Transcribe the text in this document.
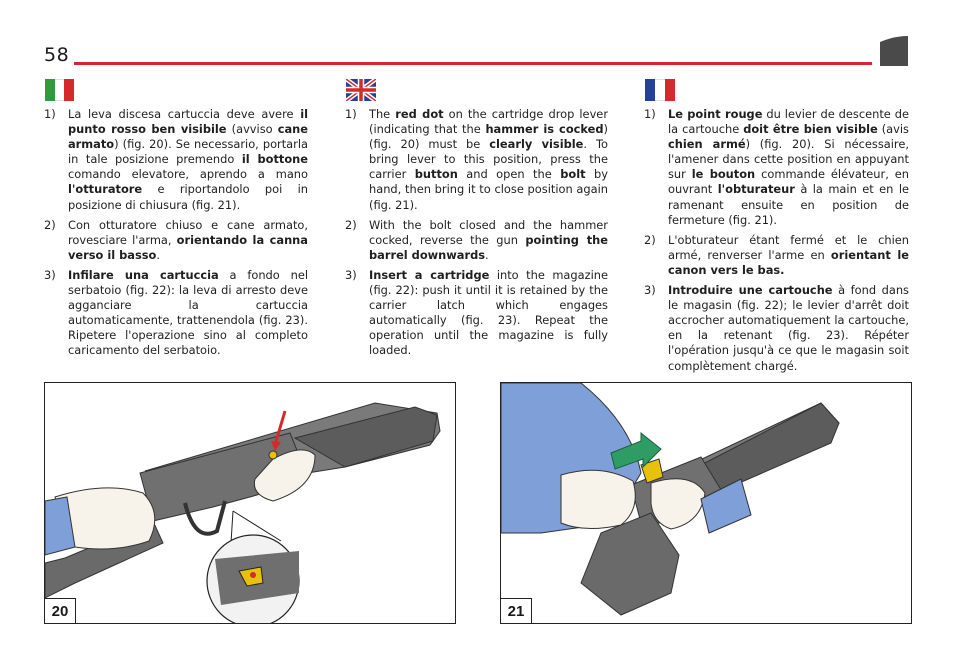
58
1) La leva discesa cartuccia deve avere il punto rosso ben visibile (avviso cane armato) (fig. 20). Se necessario, portarla in tale posizione premendo il bottone comando elevatore, aprendo a mano l'otturatore e riportandolo poi in posizione di chiusura (fig. 21).
2) Con otturatore chiuso e cane armato, rovesciare l'arma, orientando la canna verso il basso.
3) Infilare una cartuccia a fondo nel serbatoio (fig. 22): la leva di arresto deve agganciare la cartuccia automaticamente, trattenendola (fig. 23). Ripetere l'operazione sino al completo caricamento del serbatoio.
1) The red dot on the cartridge drop lever (indicating that the hammer is cocked) (fig. 20) must be clearly visible. To bring lever to this position, press the carrier button and open the bolt by hand, then bring it to close position again (fig. 21).
2) With the bolt closed and the hammer cocked, reverse the gun pointing the barrel downwards.
3) Insert a cartridge into the magazine (fig. 22): push it until it is retained by the carrier latch which engages automatically (fig. 23). Repeat the operation until the magazine is fully loaded.
1) Le point rouge du levier de descente de la cartouche doit être bien visible (avis chien armé) (fig. 20). Si nécessaire, l'amener dans cette position en appuyant sur le bouton commande élévateur, en ouvrant l'obturateur à la main et en le ramenant ensuite en position de fermeture (fig. 21).
2) L'obturateur étant fermé et le chien armé, renverser l'arme en orientant le canon vers le bas.
3) Introduire une cartouche à fond dans le magasin (fig. 22); le levier d'arrêt doit accrocher automatiquement la cartouche, en la retenant (fig. 23). Répéter l'opération jusqu'à ce que le magasin soit complètement chargé.
20	21
